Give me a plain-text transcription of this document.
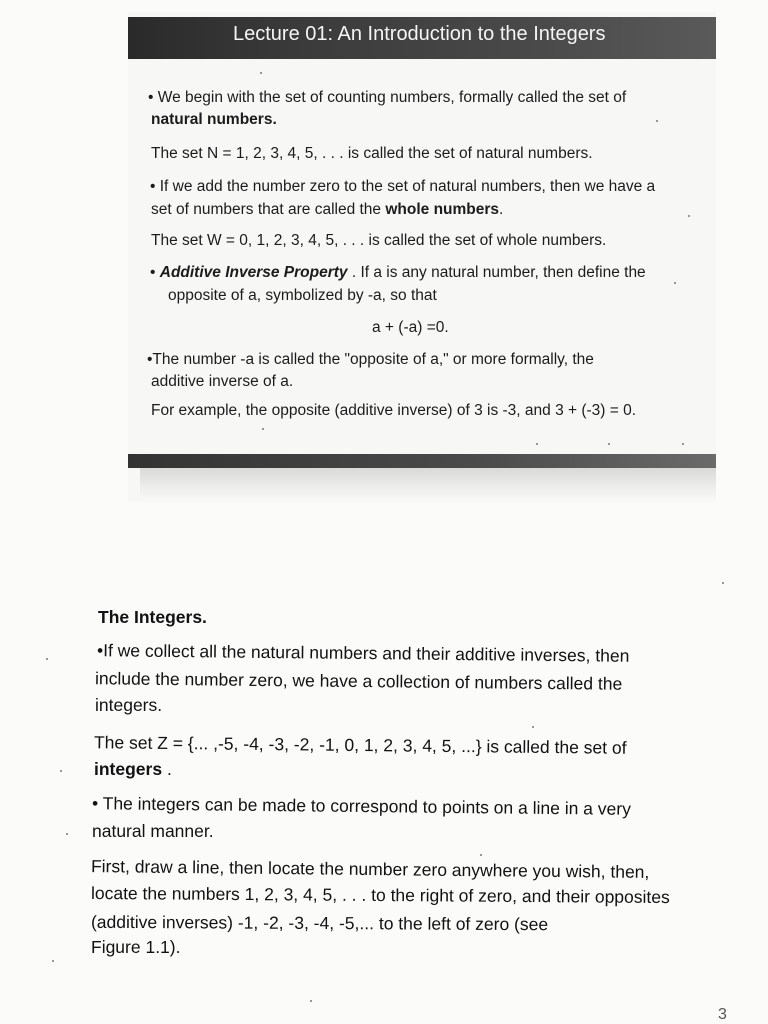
Lecture 01: An Introduction to the Integers
• We begin with the set of counting numbers, formally called the set of
natural numbers.
The set N = 1, 2, 3, 4, 5, . . . is called the set of natural numbers.
• If we add the number zero to the set of natural numbers, then we have a
set of numbers that are called the whole numbers.
The set W = 0, 1, 2, 3, 4, 5, . . . is called the set of whole numbers.
• Additive Inverse Property . If a is any natural number, then define the
opposite of a, symbolized by -a, so that
a + (-a) =0.
•The number -a is called the "opposite of a," or more formally, the
additive inverse of a.
For example, the opposite (additive inverse) of 3 is -3, and 3 + (-3) = 0.
The Integers.
•If we collect all the natural numbers and their additive inverses, then
include the number zero, we have a collection of numbers called the
integers.
The set Z = {... ,-5, -4, -3, -2, -1, 0, 1, 2, 3, 4, 5, ...} is called the set of
integers .
• The integers can be made to correspond to points on a line in a very
natural manner.
First, draw a line, then locate the number zero anywhere you wish, then,
locate the numbers 1, 2, 3, 4, 5, . . . to the right of zero, and their opposites
(additive inverses) -1, -2, -3, -4, -5,... to the left of zero (see
Figure 1.1).
3
